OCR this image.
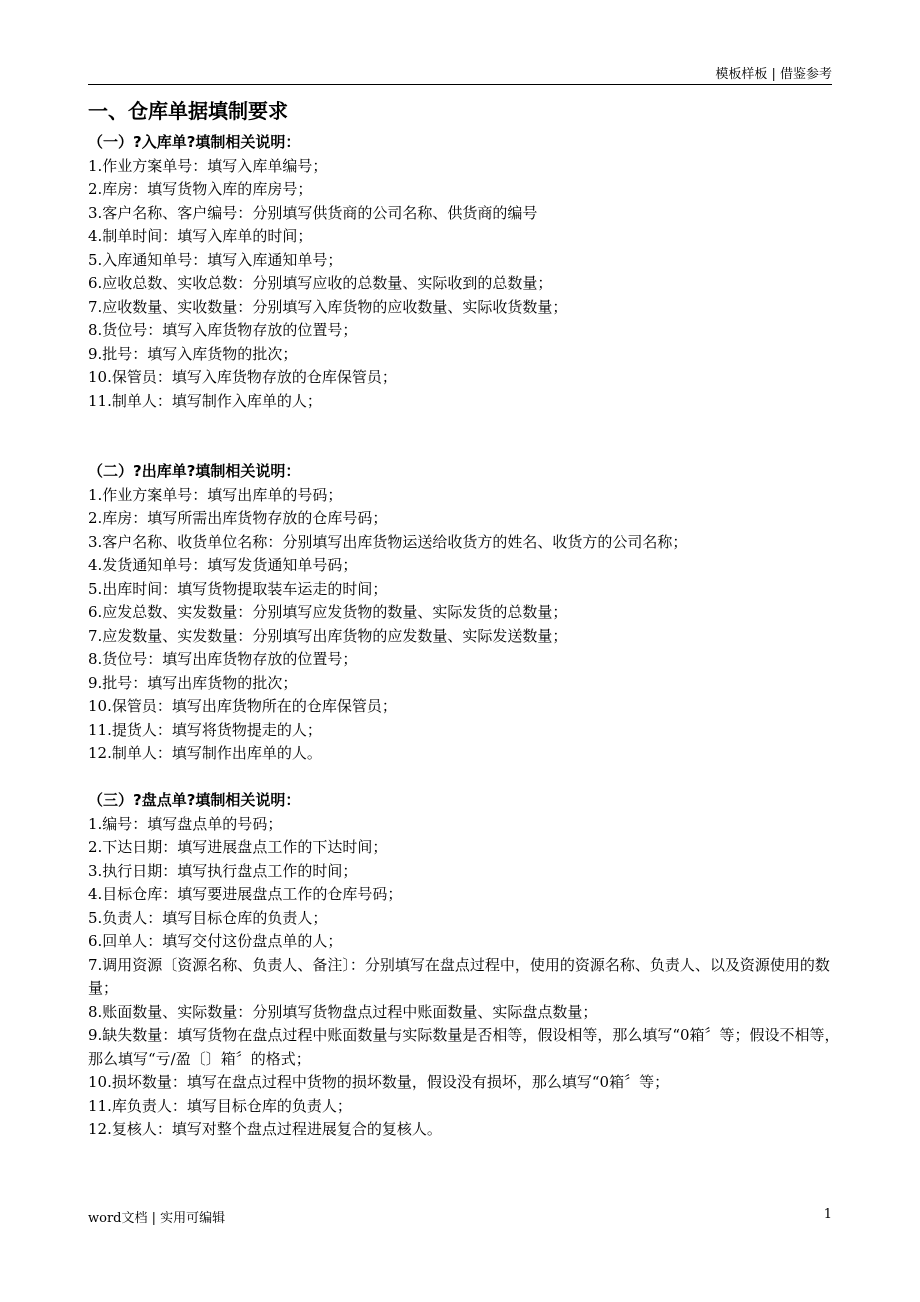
模板样板 | 借鉴参考
一、仓库单据填制要求
（一）?入库单?填制相关说明：
1.作业方案单号：填写入库单编号；
2.库房：填写货物入库的库房号；
3.客户名称、客户编号：分别填写供货商的公司名称、供货商的编号
4.制单时间：填写入库单的时间；
5.入库通知单号：填写入库通知单号；
6.应收总数、实收总数：分别填写应收的总数量、实际收到的总数量；
7.应收数量、实收数量：分别填写入库货物的应收数量、实际收货数量；
8.货位号：填写入库货物存放的位置号；
9.批号：填写入库货物的批次；
10.保管员：填写入库货物存放的仓库保管员；
11.制单人：填写制作入库单的人；
（二）?出库单?填制相关说明：
1.作业方案单号：填写出库单的号码；
2.库房：填写所需出库货物存放的仓库号码；
3.客户名称、收货单位名称：分别填写出库货物运送给收货方的姓名、收货方的公司名称；
4.发货通知单号：填写发货通知单号码；
5.出库时间：填写货物提取装车运走的时间；
6.应发总数、实发数量：分别填写应发货物的数量、实际发货的总数量；
7.应发数量、实发数量：分别填写出库货物的应发数量、实际发送数量；
8.货位号：填写出库货物存放的位置号；
9.批号：填写出库货物的批次；
10.保管员：填写出库货物所在的仓库保管员；
11.提货人：填写将货物提走的人；
12.制单人：填写制作出库单的人。
（三）?盘点单?填制相关说明：
1.编号：填写盘点单的号码；
2.下达日期：填写进展盘点工作的下达时间；
3.执行日期：填写执行盘点工作的时间；
4.目标仓库：填写要进展盘点工作的仓库号码；
5.负责人：填写目标仓库的负责人；
6.回单人：填写交付这份盘点单的人；
7.调用资源〔资源名称、负责人、备注〕：分别填写在盘点过程中，使用的资源名称、负责人、以及资源使用的数量；
8.账面数量、实际数量：分别填写货物盘点过程中账面数量、实际盘点数量；
9.缺失数量：填写货物在盘点过程中账面数量与实际数量是否相等，假设相等，那么填写“0箱〞等；假设不相等，那么填写“亏/盈〔〕箱〞的格式；
10.损坏数量：填写在盘点过程中货物的损坏数量，假设没有损坏，那么填写“0箱〞等；
11.库负责人：填写目标仓库的负责人；
12.复核人：填写对整个盘点过程进展复合的复核人。
word文档 | 实用可编辑	1
